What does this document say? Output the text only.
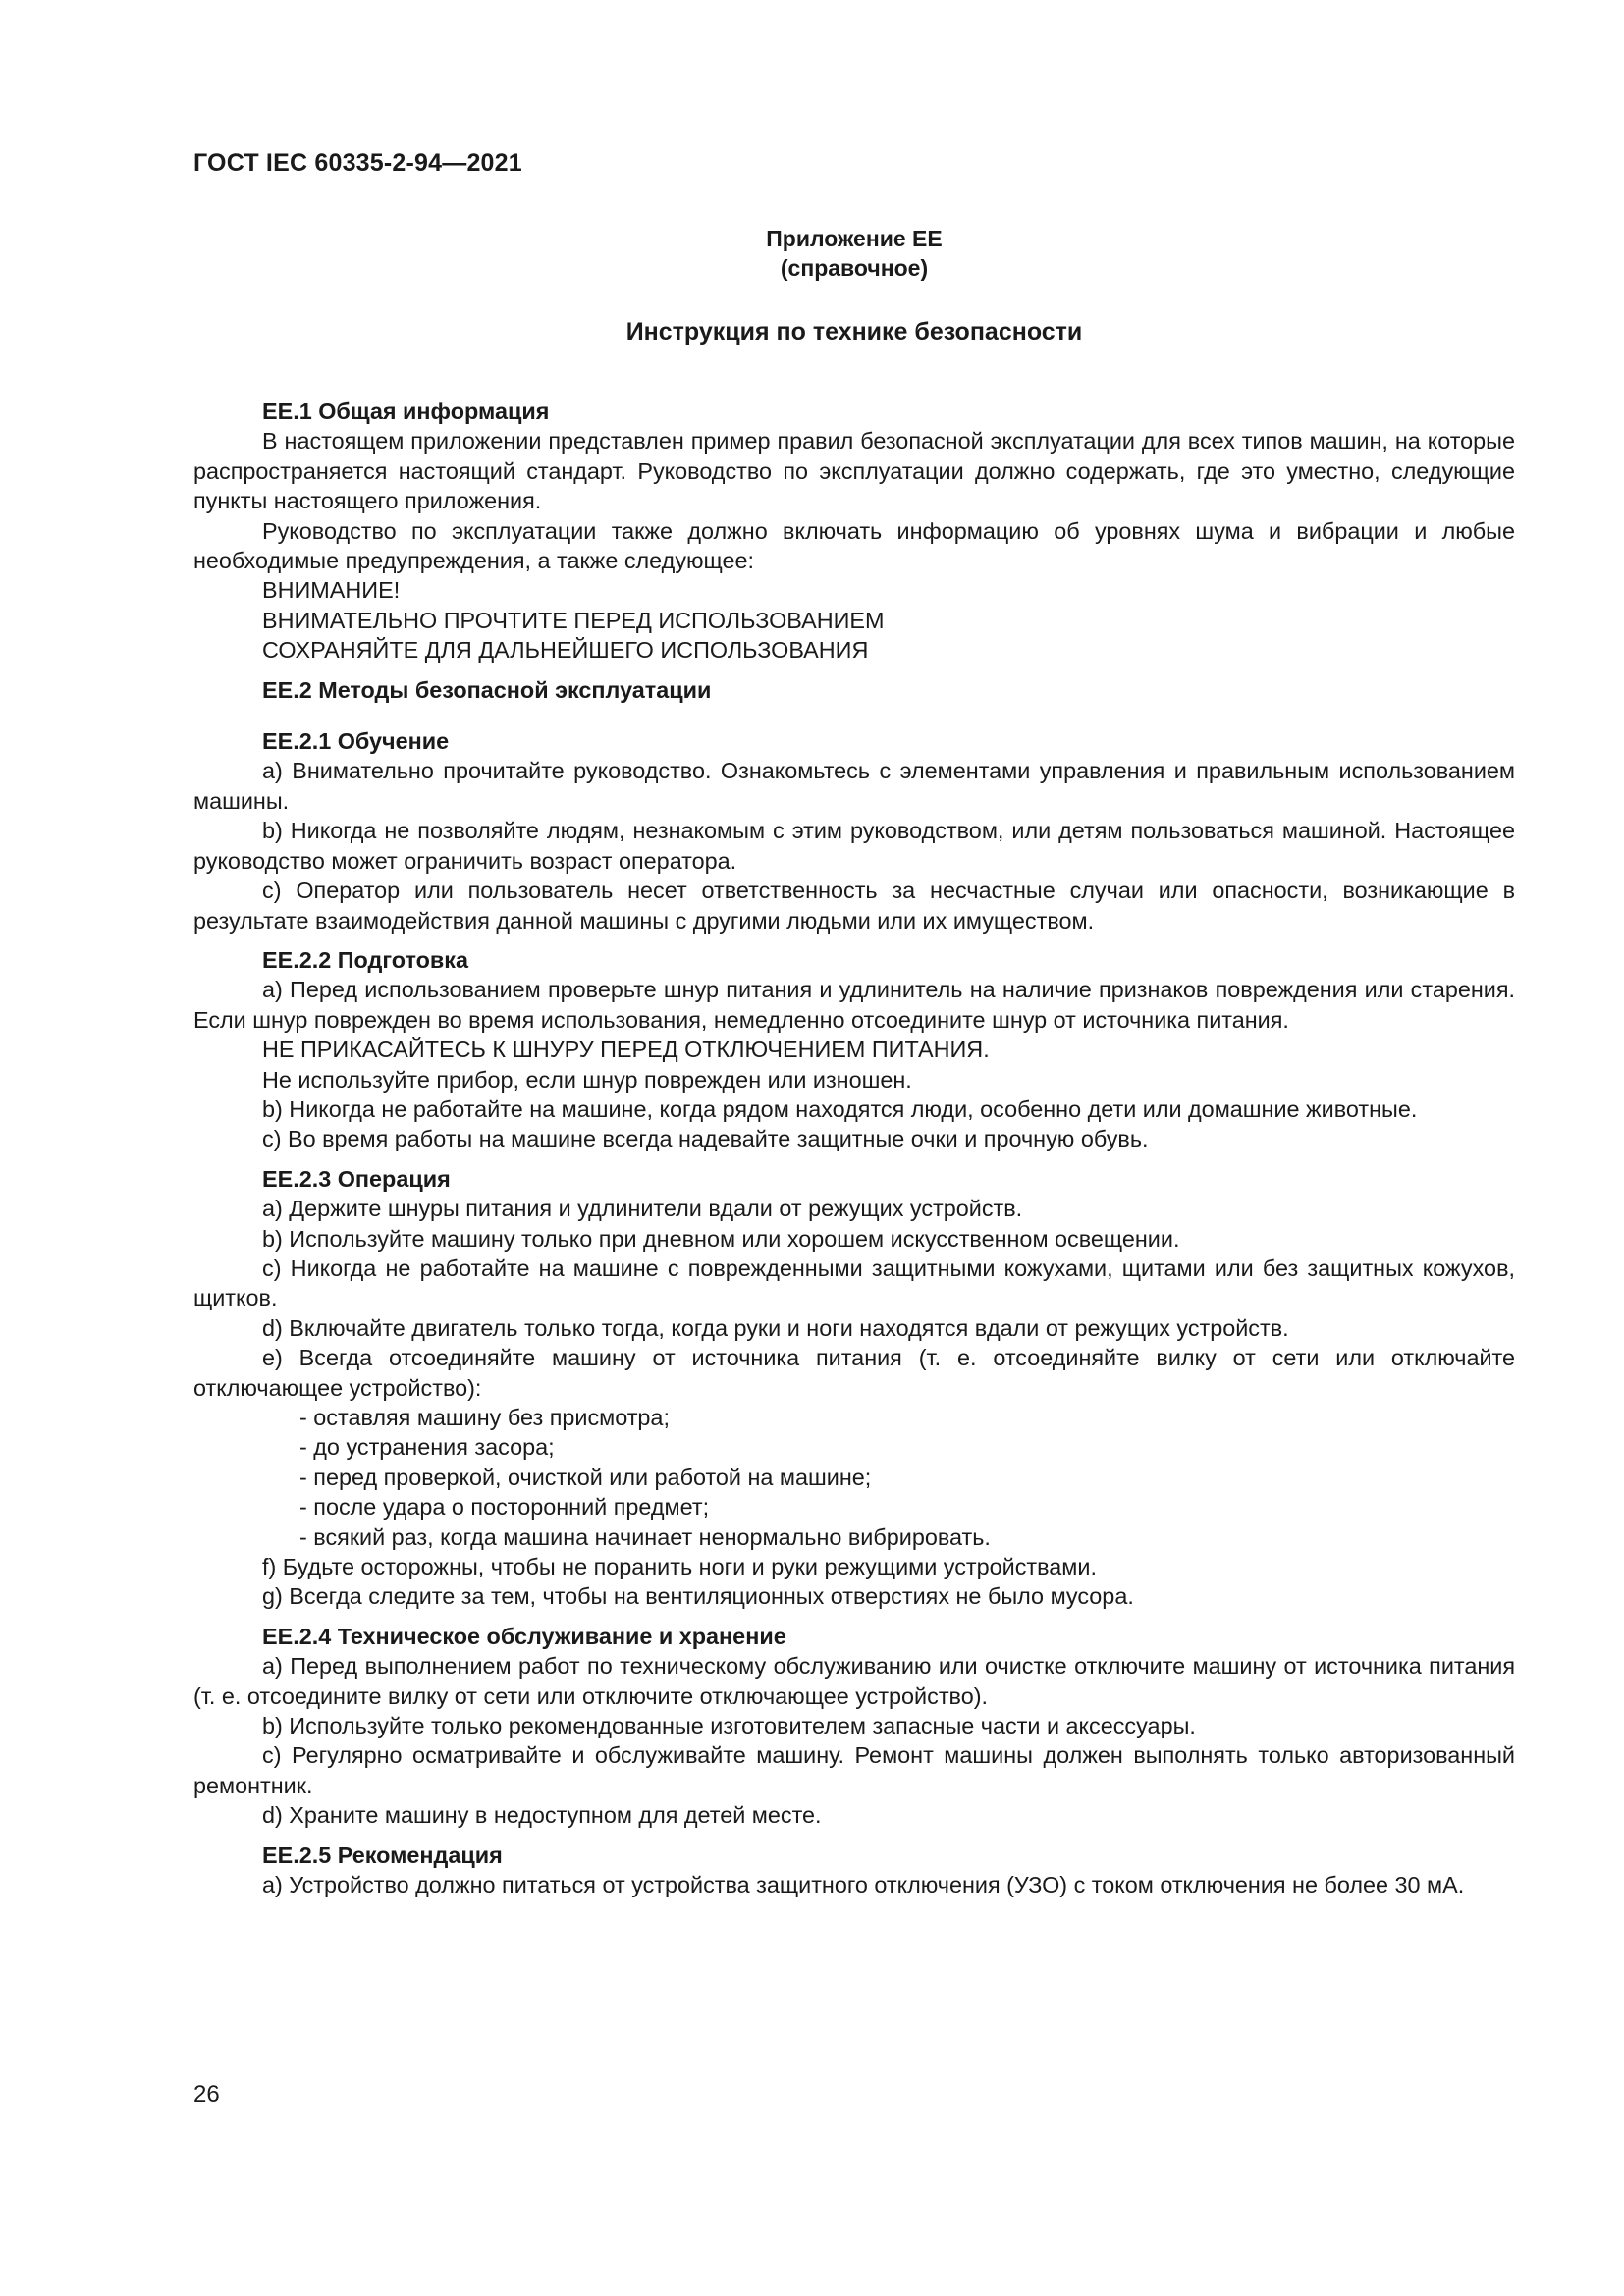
ГОСТ IEC 60335-2-94—2021
Приложение ЕЕ
(справочное)
Инструкция по технике безопасности
ЕЕ.1 Общая информация

В настоящем приложении представлен пример правил безопасной эксплуатации для всех типов машин, на которые распространяется настоящий стандарт. Руководство по эксплуатации должно содержать, где это уместно, следующие пункты настоящего приложения.

Руководство по эксплуатации также должно включать информацию об уровнях шума и вибрации и любые необходимые предупреждения, а также следующее:

ВНИМАНИЕ!

ВНИМАТЕЛЬНО ПРОЧТИТЕ ПЕРЕД ИСПОЛЬЗОВАНИЕМ

СОХРАНЯЙТЕ ДЛЯ ДАЛЬНЕЙШЕГО ИСПОЛЬЗОВАНИЯ

ЕЕ.2 Методы безопасной эксплуатации
ЕЕ.2.1 Обучение

a) Внимательно прочитайте руководство. Ознакомьтесь с элементами управления и правильным использованием машины.

b) Никогда не позволяйте людям, незнакомым с этим руководством, или детям пользоваться машиной. Настоящее руководство может ограничить возраст оператора.

c) Оператор или пользователь несет ответственность за несчастные случаи или опасности, возникающие в результате взаимодействия данной машины с другими людьми или их имуществом.

ЕЕ.2.2 Подготовка

a) Перед использованием проверьте шнур питания и удлинитель на наличие признаков повреждения или старения. Если шнур поврежден во время использования, немедленно отсоедините шнур от источника питания.

НЕ ПРИКАСАЙТЕСЬ К ШНУРУ ПЕРЕД ОТКЛЮЧЕНИЕМ ПИТАНИЯ.

Не используйте прибор, если шнур поврежден или изношен.

b) Никогда не работайте на машине, когда рядом находятся люди, особенно дети или домашние животные.

c) Во время работы на машине всегда надевайте защитные очки и прочную обувь.

ЕЕ.2.3 Операция

a) Держите шнуры питания и удлинители вдали от режущих устройств.

b) Используйте машину только при дневном или хорошем искусственном освещении.

c) Никогда не работайте на машине с поврежденными защитными кожухами, щитами или без защитных кожухов, щитков.

d) Включайте двигатель только тогда, когда руки и ноги находятся вдали от режущих устройств.

e) Всегда отсоединяйте машину от источника питания (т. е. отсоединяйте вилку от сети или отключайте отключающее устройство):

- оставляя машину без присмотра;

- до устранения засора;

- перед проверкой, очисткой или работой на машине;

- после удара о посторонний предмет;

- всякий раз, когда машина начинает ненормально вибрировать.

f) Будьте осторожны, чтобы не поранить ноги и руки режущими устройствами.

g) Всегда следите за тем, чтобы на вентиляционных отверстиях не было мусора.

ЕЕ.2.4 Техническое обслуживание и хранение

a) Перед выполнением работ по техническому обслуживанию или очистке отключите машину от источника питания (т. е. отсоедините вилку от сети или отключите отключающее устройство).

b) Используйте только рекомендованные изготовителем запасные части и аксессуары.

c) Регулярно осматривайте и обслуживайте машину. Ремонт машины должен выполнять только авторизованный ремонтник.

d) Храните машину в недоступном для детей месте.

ЕЕ.2.5 Рекомендация

a) Устройство должно питаться от устройства защитного отключения (УЗО) с током отключения не более 30 мА.

26
